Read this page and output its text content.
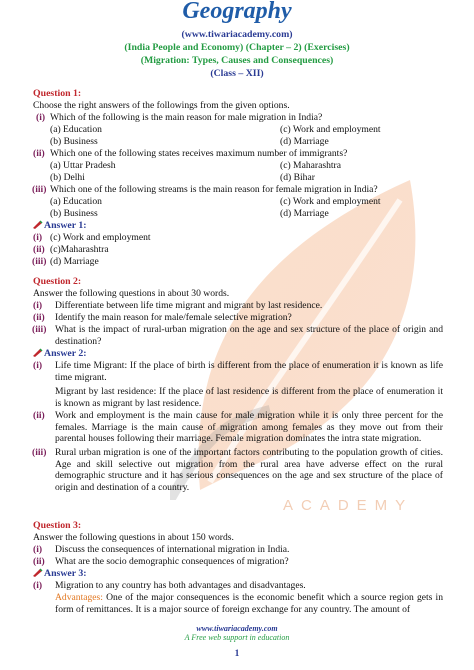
ACADEMY
Geography
(www.tiwariacademy.com)
(India People and Economy) (Chapter – 2) (Exercises)
(Migration: Types, Causes and Consequences)
(Class – XII)
Question 1:
Choose the right answers of the followings from the given options.
(i) Which of the following is the main reason for male migration in India?
(a) Education	(c) Work and employment
(b) Business	(d) Marriage
(ii) Which one of the following states receives maximum number of immigrants?
(a) Uttar Pradesh	(c) Maharashtra
(b) Delhi	(d) Bihar
(iii) Which one of the following streams is the main reason for female migration in India?
(a) Education	(c) Work and employment
(b) Business	(d) Marriage
Answer 1:
(i) (c) Work and employment
(ii) (c)Maharashtra
(iii) (d) Marriage
Question 2:
Answer the following questions in about 30 words.
(i) Differentiate between life time migrant and migrant by last residence.
(ii) Identify the main reason for male/female selective migration?
(iii) What is the impact of rural-urban migration on the age and sex structure of the place of origin and destination?
Answer 2:
(i) Life time Migrant: If the place of birth is different from the place of enumeration it is known as life time migrant.
Migrant by last residence: If the place of last residence is different from the place of enumeration it is known as migrant by last residence.
(ii) Work and employment is the main cause for male migration while it is only three percent for the females. Marriage is the main cause of migration among females as they move out from their parental houses following their marriage. Female migration dominates the intra state migration.
(iii) Rural urban migration is one of the important factors contributing to the population growth of cities. Age and skill selective out migration from the rural area have adverse effect on the rural demographic structure and it has serious consequences on the age and sex structure of the place of origin and destination of a country.
Question 3:
Answer the following questions in about 150 words.
(i) Discuss the consequences of international migration in India.
(ii) What are the socio demographic consequences of migration?
Answer 3:
(i) Migration to any country has both advantages and disadvantages.
Advantages: One of the major consequences is the economic benefit which a source region gets in form of remittances. It is a major source of foreign exchange for any country. The amount of
www.tiwariacademy.com
A Free web support in education
1
